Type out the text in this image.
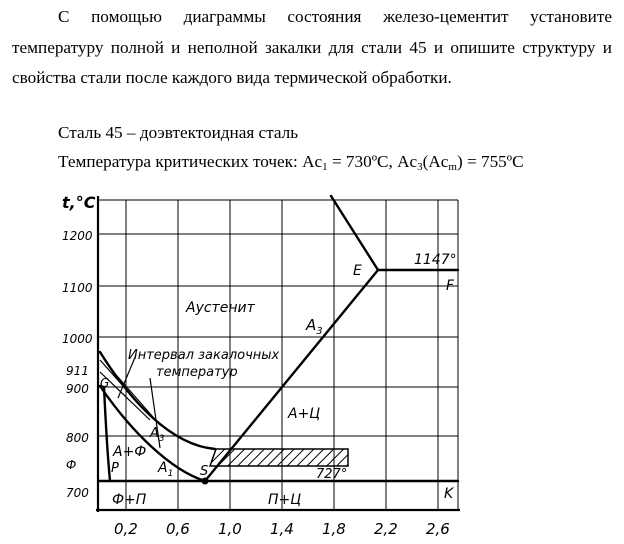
С помощью диаграммы состояния железо-цементит установите температуру полной и неполной закалки для стали 45 и опишите структуру и свойства стали после каждого вида термической обработки.

Сталь 45 – доэвтектоидная сталь

Температура критических точек: $Ac_1$ = 730ºС, $Ac_3(Ac_m)$ = 755ºС

t,°C
1200
1100
1000
911
900
800
Ф
700
0,2 0,6 1,0 1,4 1,8 2,2 2,6
Аустенит
Интервал закалочных
температур
А+Ц
А+Ф
Ф+П	П+Ц
E
F
G
P	S
K
1147°
727°
$A_3$
$A_3$
$A_1$
